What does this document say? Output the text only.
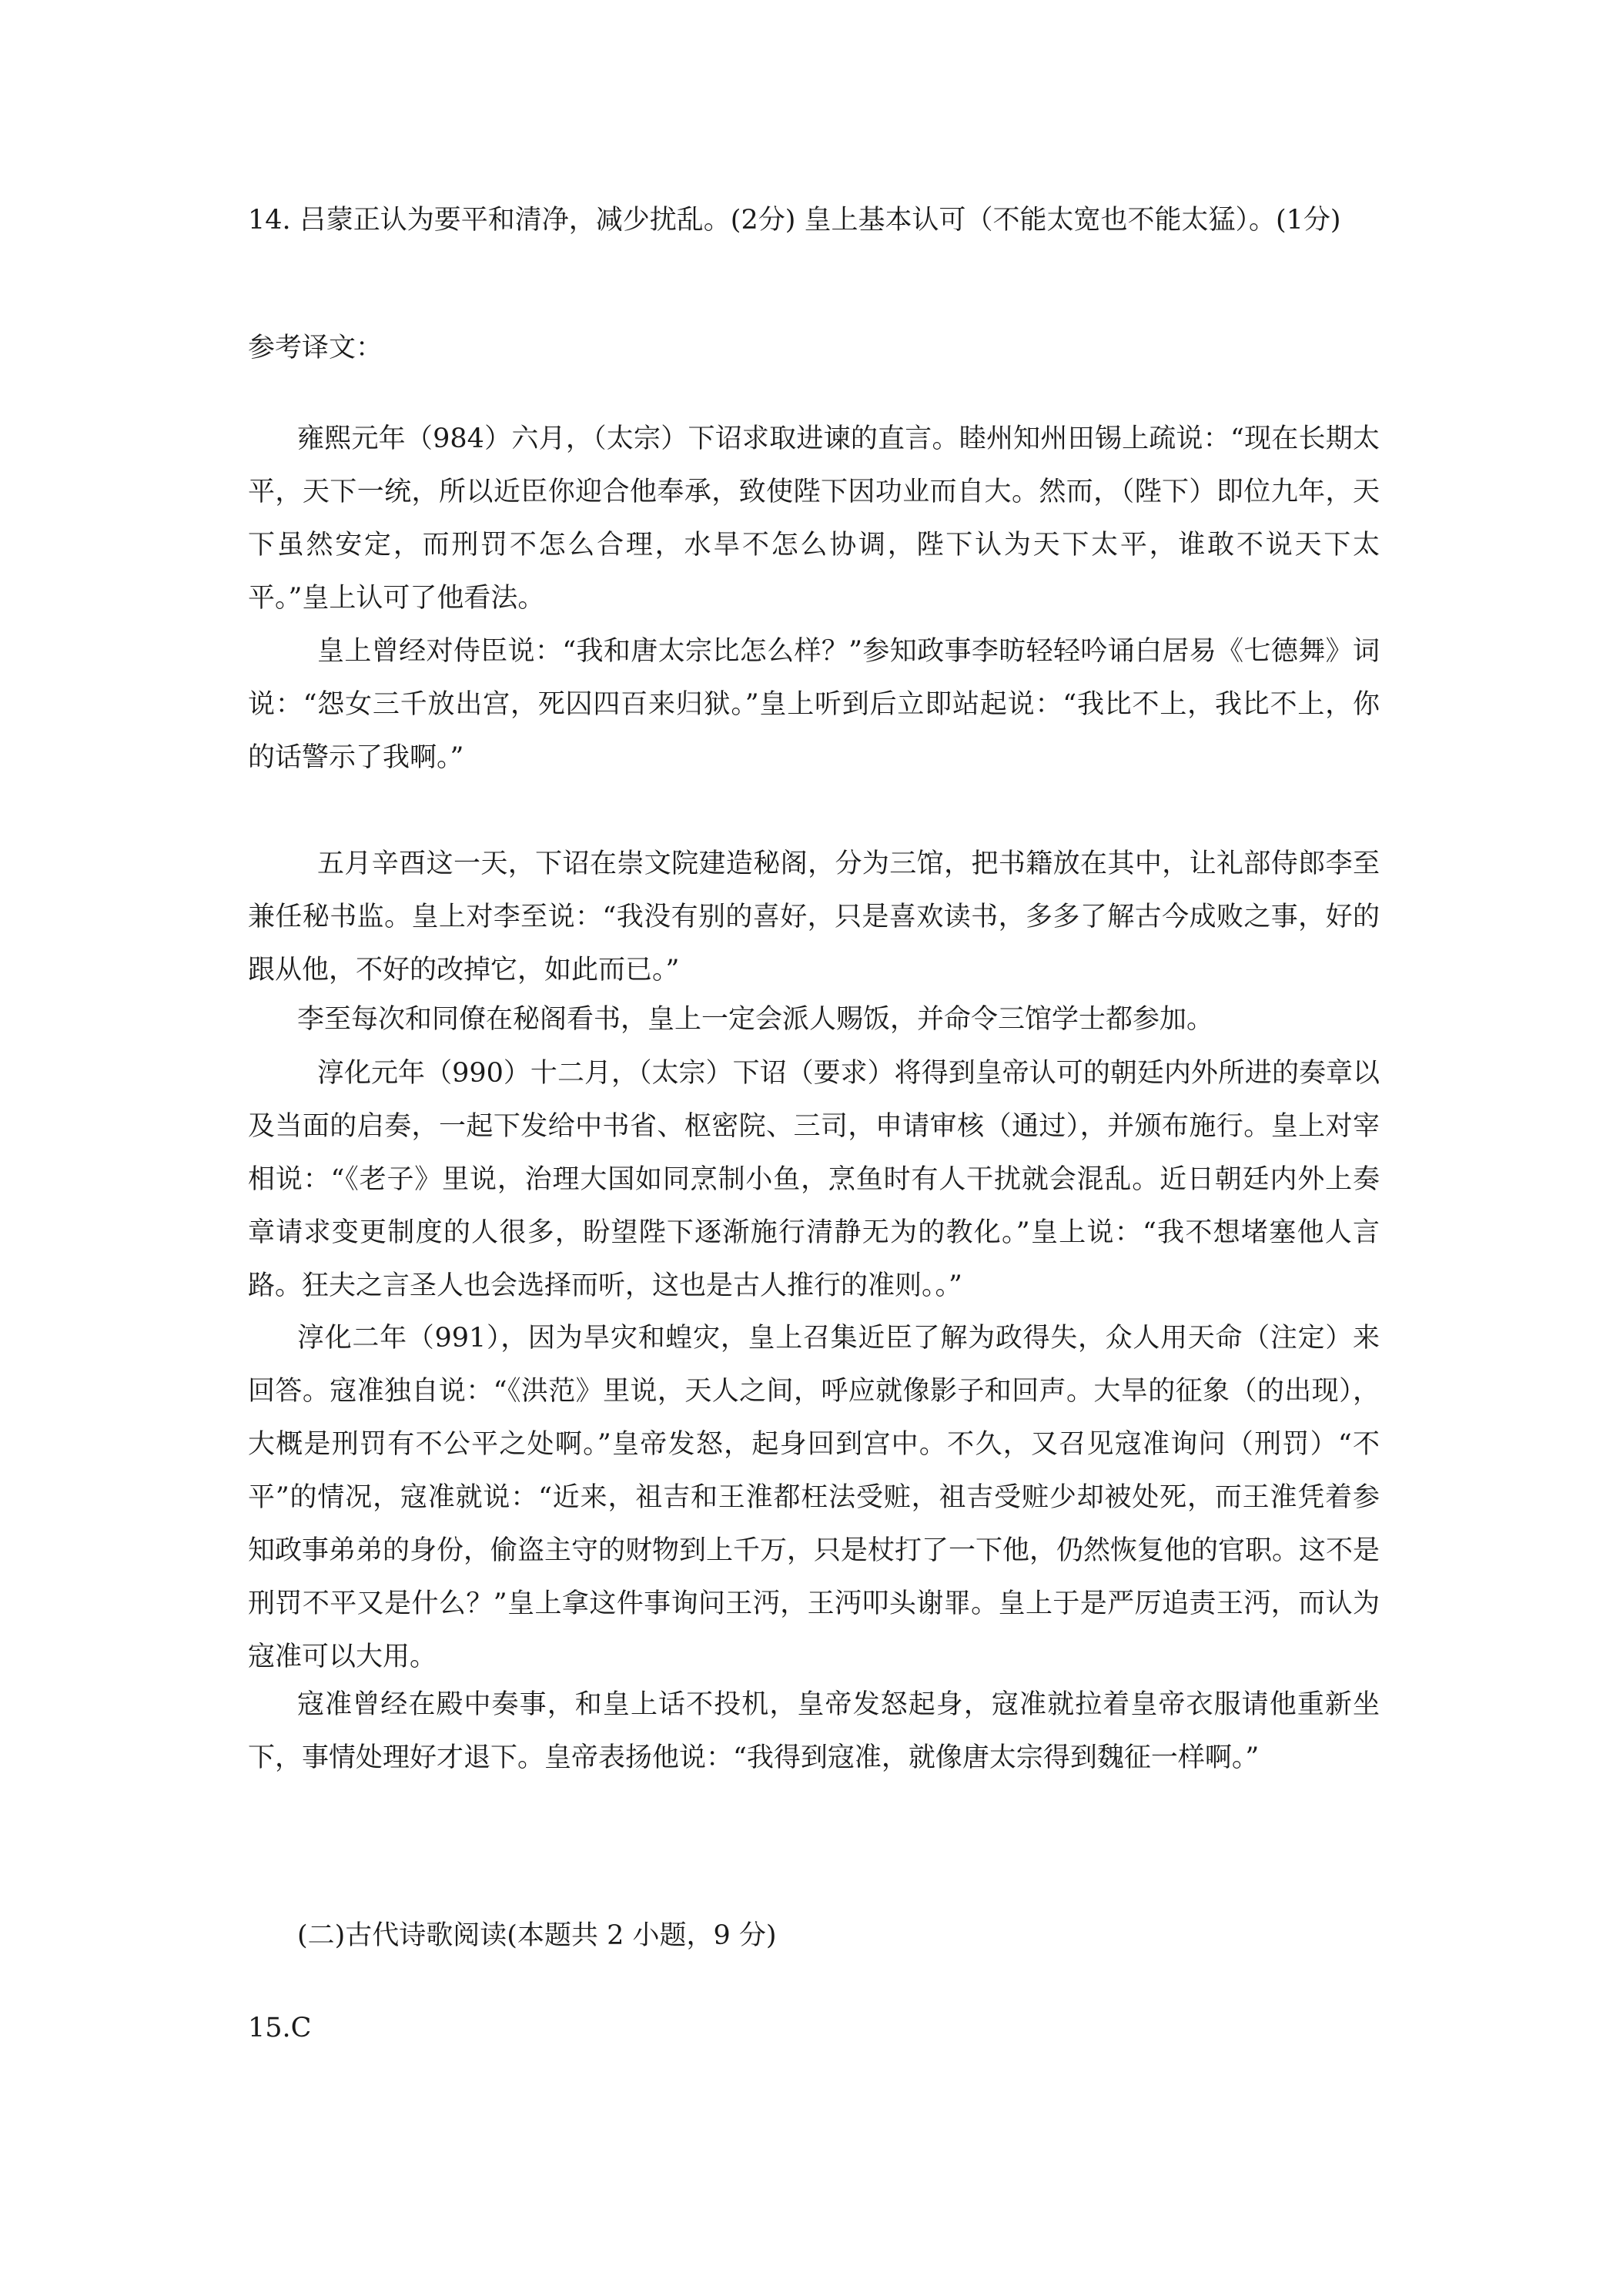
14. 吕蒙正认为要平和清净，减少扰乱。(2分) 皇上基本认可（不能太宽也不能太猛）。(1分)

参考译文：

雍熙元年（984）六月，（太宗）下诏求取进谏的直言。睦州知州田锡上疏说：“现在长期太平，天下一统，所以近臣你迎合他奉承，致使陛下因功业而自大。然而，（陛下）即位九年，天下虽然安定，而刑罚不怎么合理，水旱不怎么协调，陛下认为天下太平，谁敢不说天下太平。”皇上认可了他看法。

皇上曾经对侍臣说：“我和唐太宗比怎么样？”参知政事李昉轻轻吟诵白居易《七德舞》词说：“怨女三千放出宫，死囚四百来归狱。”皇上听到后立即站起说：“我比不上，我比不上，你的话警示了我啊。”

五月辛酉这一天，下诏在崇文院建造秘阁，分为三馆，把书籍放在其中，让礼部侍郎李至兼任秘书监。皇上对李至说：“我没有别的喜好，只是喜欢读书，多多了解古今成败之事，好的跟从他，不好的改掉它，如此而已。”

李至每次和同僚在秘阁看书，皇上一定会派人赐饭，并命令三馆学士都参加。

淳化元年（990）十二月，（太宗）下诏（要求）将得到皇帝认可的朝廷内外所进的奏章以及当面的启奏，一起下发给中书省、枢密院、三司，申请审核（通过），并颁布施行。皇上对宰相说：“《老子》里说，治理大国如同烹制小鱼，烹鱼时有人干扰就会混乱。近日朝廷内外上奏章请求变更制度的人很多，盼望陛下逐渐施行清静无为的教化。”皇上说：“我不想堵塞他人言路。狂夫之言圣人也会选择而听，这也是古人推行的准则。。”

淳化二年（991），因为旱灾和蝗灾，皇上召集近臣了解为政得失，众人用天命（注定）来回答。寇准独自说：“《洪范》里说，天人之间，呼应就像影子和回声。大旱的征象（的出现），大概是刑罚有不公平之处啊。”皇帝发怒，起身回到宫中。不久，又召见寇准询问（刑罚）“不平”的情况，寇准就说：“近来，祖吉和王淮都枉法受赃，祖吉受赃少却被处死，而王淮凭着参知政事弟弟的身份，偷盗主守的财物到上千万，只是杖打了一下他，仍然恢复他的官职。这不是刑罚不平又是什么？”皇上拿这件事询问王沔，王沔叩头谢罪。皇上于是严厉追责王沔，而认为寇准可以大用。

寇准曾经在殿中奏事，和皇上话不投机，皇帝发怒起身，寇准就拉着皇帝衣服请他重新坐下，事情处理好才退下。皇帝表扬他说：“我得到寇准，就像唐太宗得到魏征一样啊。”

(二)古代诗歌阅读(本题共 2 小题，9 分)

15.C
